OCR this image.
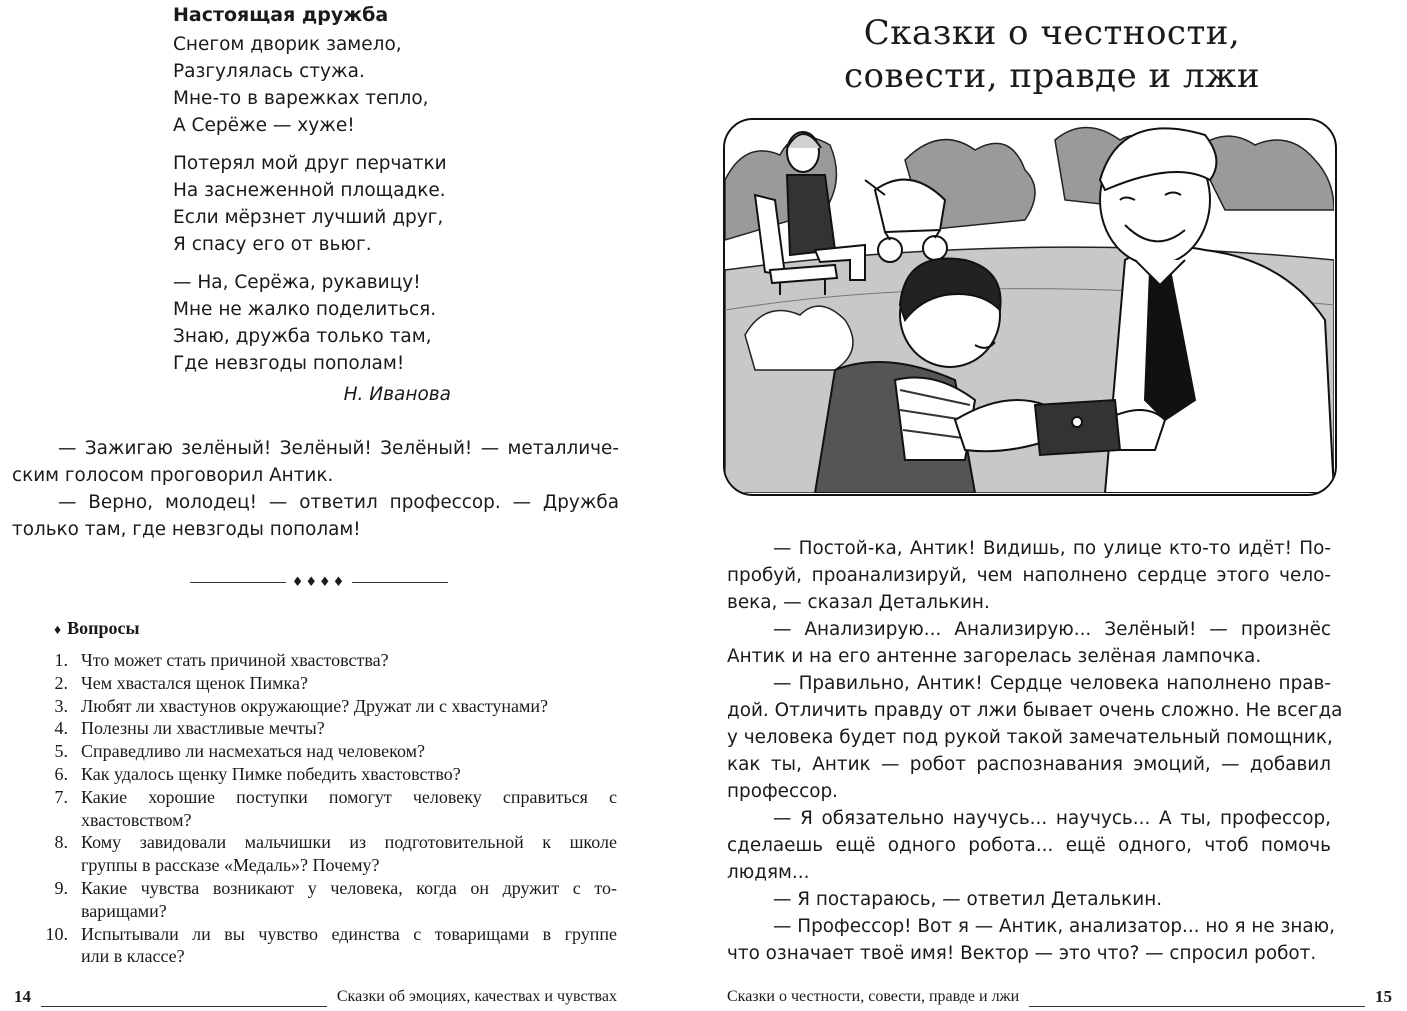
Настоящая дружба
Снегом дворик замело,
Разгулялась стужа.
Мне-то в варежках тепло,
А Серёже — хуже!
Потерял мой друг перчатки
На заснеженной площадке.
Если мёрзнет лучший друг,
Я спасу его от вьюг.
— На, Серёжа, рукавицу!
Мне не жалко поделиться.
Знаю, дружба только там,
Где невзгоды пополам!
Н. Иванова
— Зажигаю зелёный! Зелёный! Зелёный! — металличе-
ским голосом проговорил Антик.
— Верно, молодец! — ответил профессор. — Дружба
только там, где невзгоды пополам!
♦♦♦♦
♦ Вопросы
1. Что может стать причиной хвастовства?
2. Чем хвастался щенок Пимка?
3. Любят ли хвастунов окружающие? Дружат ли с хвастунами?
4. Полезны ли хвастливые мечты?
5. Справедливо ли насмехаться над человеком?
6. Как удалось щенку Пимке победить хвастовство?
7. Какие хорошие поступки помогут человеку справиться с
хвастовством?
8. Кому завидовали мальчишки из подготовительной к школе
группы в рассказе «Медаль»? Почему?
9. Какие чувства возникают у человека, когда он дружит с то-
варищами?
10. Испытывали ли вы чувство единства с товарищами в группе
или в классе?
14	Сказки об эмоциях, качествах и чувствах
Сказки о честности,
совести, правде и лжи
— Постой-ка, Антик! Видишь, по улице кто-то идёт! По-
пробуй, проанализируй, чем наполнено сердце этого чело-
века, — сказал Деталькин.
— Анализирую... Анализирую... Зелёный! — произнёс
Антик и на его антенне загорелась зелёная лампочка.
— Правильно, Антик! Сердце человека наполнено прав-
дой. Отличить правду от лжи бывает очень сложно. Не всегда
у человека будет под рукой такой замечательный помощник,
как ты, Антик — робот распознавания эмоций, — добавил
профессор.
— Я обязательно научусь... научусь... А ты, профессор,
сделаешь ещё одного робота... ещё одного, чтоб помочь
людям...
— Я постараюсь, — ответил Деталькин.
— Профессор! Вот я — Антик, анализатор... но я не знаю,
что означает твоё имя! Вектор — это что? — спросил робот.
Сказки о честности, совести, правде и лжи	15
